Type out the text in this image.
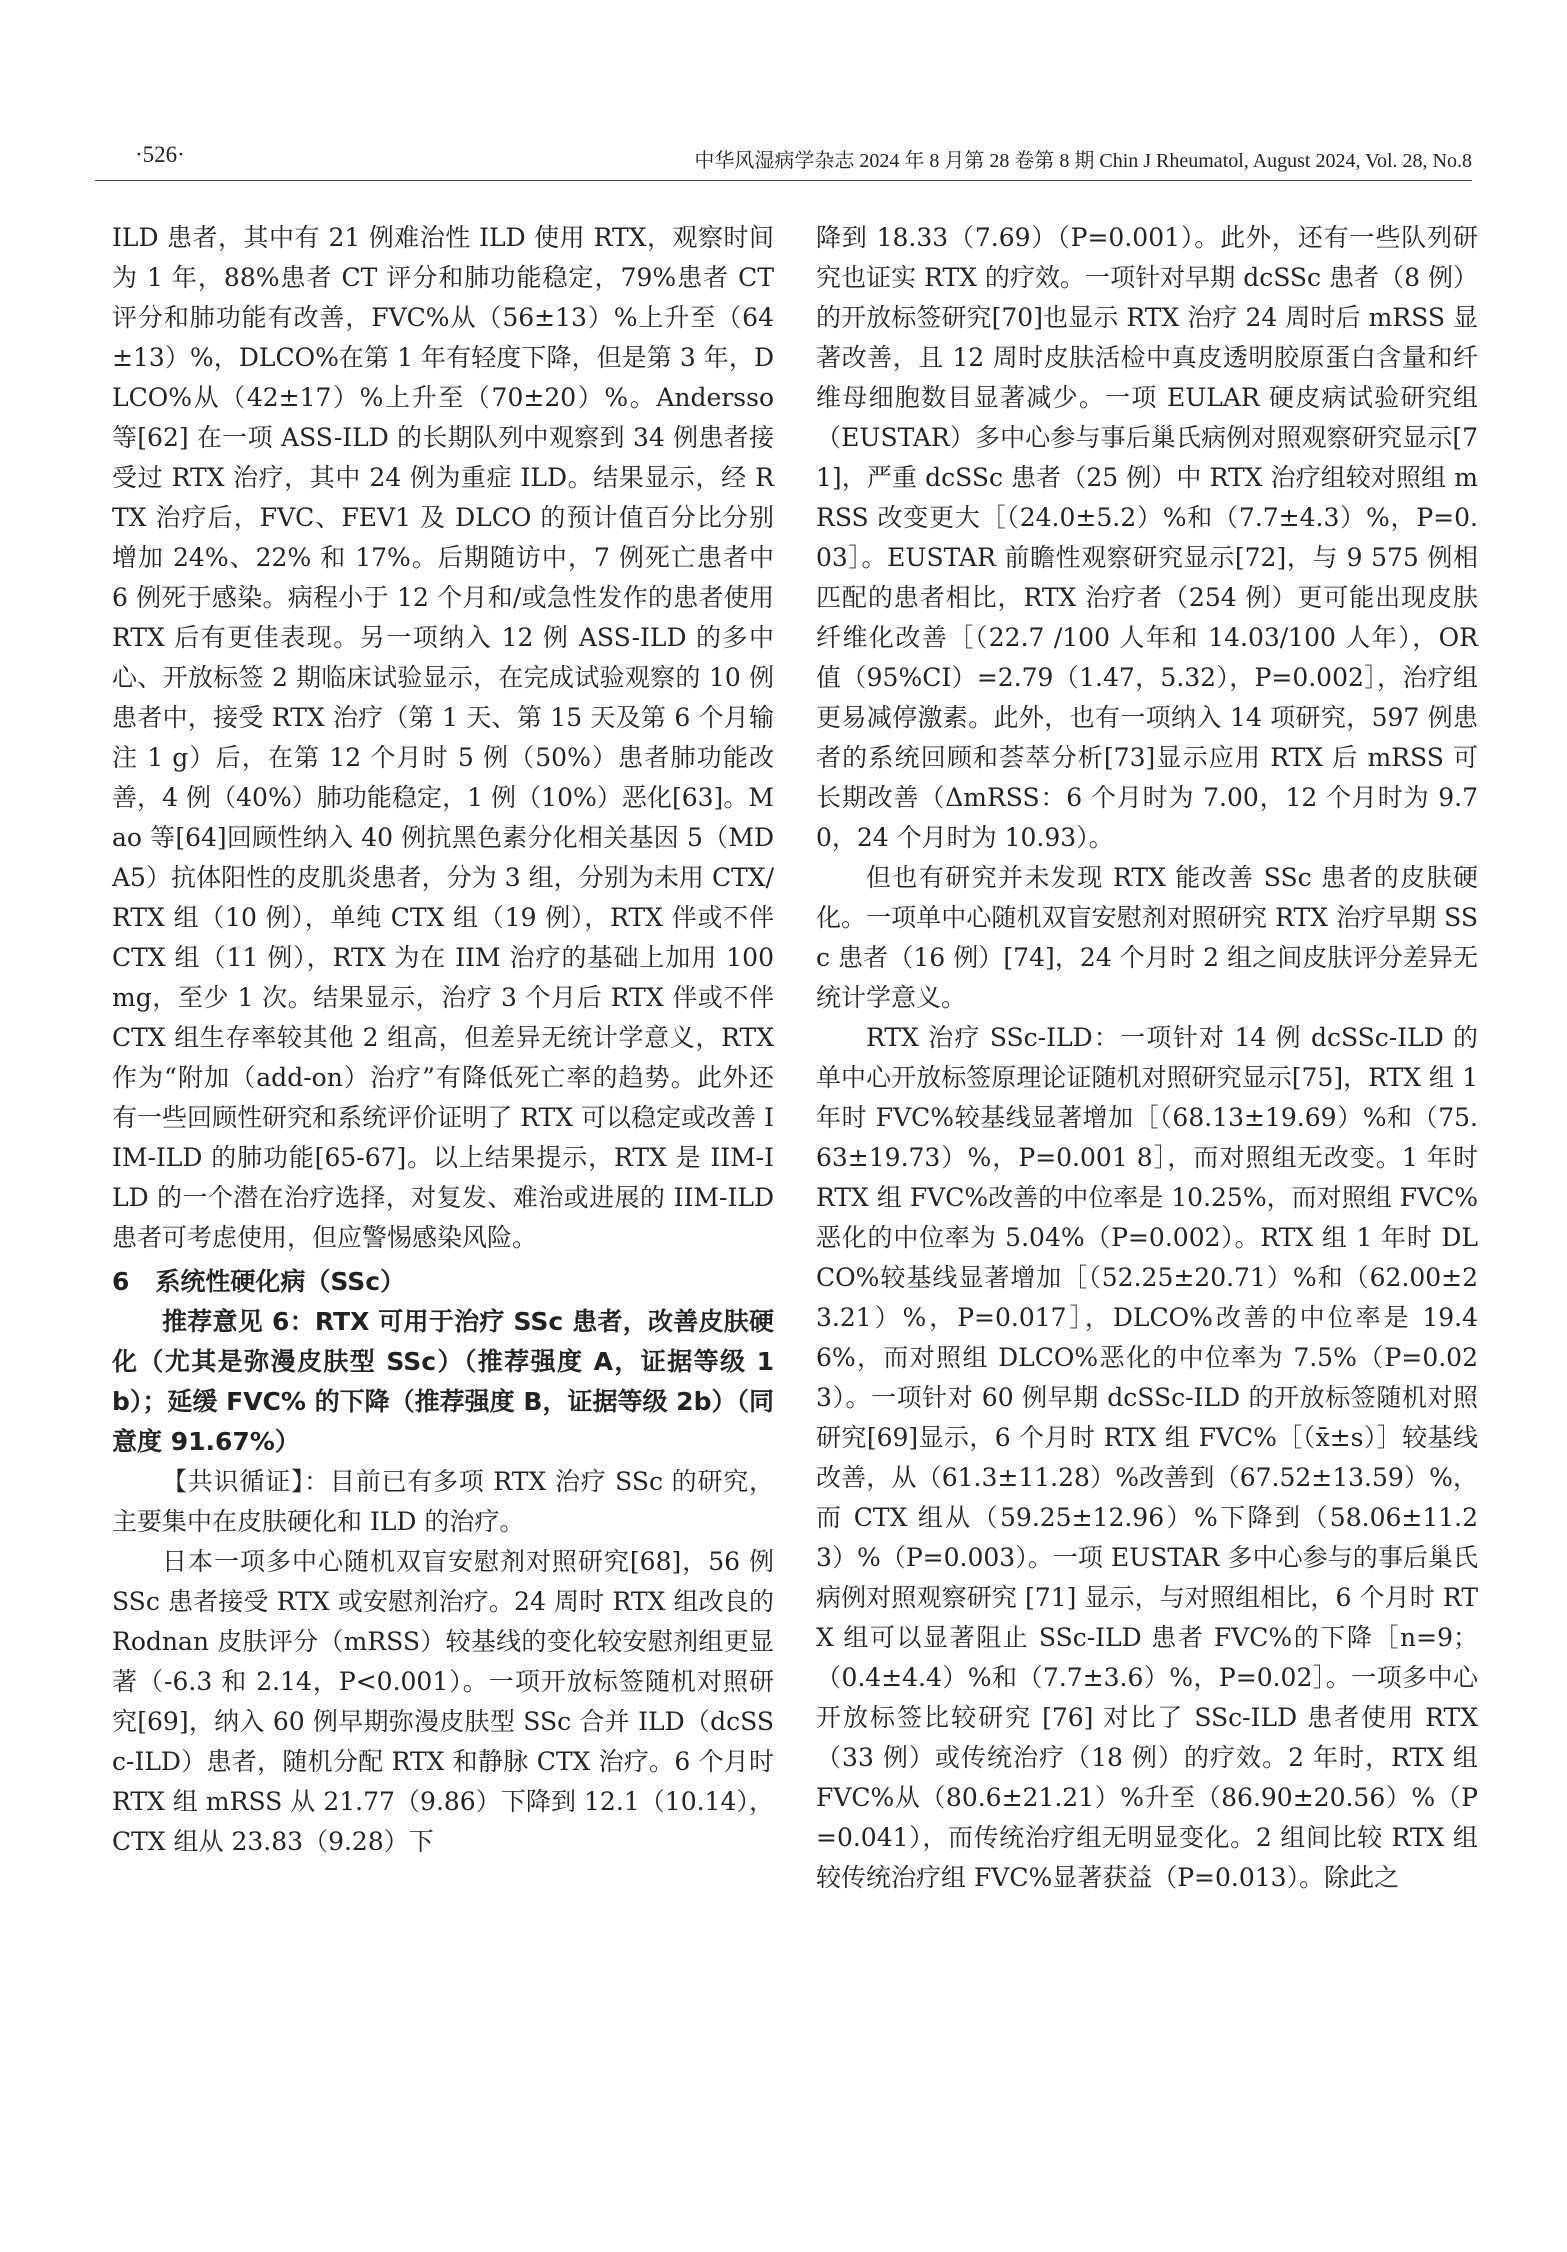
·526·	中华风湿病学杂志 2024 年 8 月第 28 卷第 8 期 Chin J Rheumatol, August 2024, Vol. 28, No.8

ILD 患者，其中有 21 例难治性 ILD 使用 RTX，观察时间为 1 年，88%患者 CT 评分和肺功能稳定，79%患者 CT 评分和肺功能有改善，FVC%从（56±13）%上升至（64±13）%，DLCO%在第 1 年有轻度下降，但是第 3 年，DLCO%从（42±17）%上升至（70±20）%。Andersso 等[62] 在一项 ASS-ILD 的长期队列中观察到 34 例患者接受过 RTX 治疗，其中 24 例为重症 ILD。结果显示，经 RTX 治疗后，FVC、FEV1 及 DLCO 的预计值百分比分别增加 24%、22% 和 17%。后期随访中，7 例死亡患者中 6 例死于感染。病程小于 12 个月和/或急性发作的患者使用 RTX 后有更佳表现。另一项纳入 12 例 ASS-ILD 的多中心、开放标签 2 期临床试验显示，在完成试验观察的 10 例患者中，接受 RTX 治疗（第 1 天、第 15 天及第 6 个月输注 1 g）后，在第 12 个月时 5 例（50%）患者肺功能改善，4 例（40%）肺功能稳定，1 例（10%）恶化[63]。Mao 等[64]回顾性纳入 40 例抗黑色素分化相关基因 5（MDA5）抗体阳性的皮肌炎患者，分为 3 组，分别为未用 CTX/RTX 组（10 例），单纯 CTX 组（19 例），RTX 伴或不伴 CTX 组（11 例），RTX 为在 IIM 治疗的基础上加用 100 mg，至少 1 次。结果显示，治疗 3 个月后 RTX 伴或不伴 CTX 组生存率较其他 2 组高，但差异无统计学意义，RTX 作为“附加（add-on）治疗”有降低死亡率的趋势。此外还有一些回顾性研究和系统评价证明了 RTX 可以稳定或改善 IIM-ILD 的肺功能[65-67]。以上结果提示，RTX 是 IIM-ILD 的一个潜在治疗选择，对复发、难治或进展的 IIM-ILD 患者可考虑使用，但应警惕感染风险。

6 系统性硬化病（SSc）

推荐意见 6：RTX 可用于治疗 SSc 患者，改善皮肤硬化（尤其是弥漫皮肤型 SSc）（推荐强度 A，证据等级 1b）；延缓 FVC% 的下降（推荐强度 B，证据等级 2b）（同意度 91.67%）

【共识循证】：目前已有多项 RTX 治疗 SSc 的研究，主要集中在皮肤硬化和 ILD 的治疗。

日本一项多中心随机双盲安慰剂对照研究[68]，56 例 SSc 患者接受 RTX 或安慰剂治疗。24 周时 RTX 组改良的 Rodnan 皮肤评分（mRSS）较基线的变化较安慰剂组更显著（-6.3 和 2.14，P<0.001）。一项开放标签随机对照研究[69]，纳入 60 例早期弥漫皮肤型 SSc 合并 ILD（dcSSc-ILD）患者，随机分配 RTX 和静脉 CTX 治疗。6 个月时 RTX 组 mRSS 从 21.77（9.86）下降到 12.1（10.14），CTX 组从 23.83（9.28）下

降到 18.33（7.69）（P=0.001）。此外，还有一些队列研究也证实 RTX 的疗效。一项针对早期 dcSSc 患者（8 例）的开放标签研究[70]也显示 RTX 治疗 24 周时后 mRSS 显著改善，且 12 周时皮肤活检中真皮透明胶原蛋白含量和纤维母细胞数目显著减少。一项 EULAR 硬皮病试验研究组（EUSTAR）多中心参与事后巢氏病例对照观察研究显示[71]，严重 dcSSc 患者（25 例）中 RTX 治疗组较对照组 mRSS 改变更大［（24.0±5.2）%和（7.7±4.3）%，P=0.03］。EUSTAR 前瞻性观察研究显示[72]，与 9 575 例相匹配的患者相比，RTX 治疗者（254 例）更可能出现皮肤纤维化改善［（22.7 /100 人年和 14.03/100 人年），OR 值（95%CI）=2.79（1.47，5.32），P=0.002］，治疗组更易减停激素。此外，也有一项纳入 14 项研究，597 例患者的系统回顾和荟萃分析[73]显示应用 RTX 后 mRSS 可长期改善（ΔmRSS：6 个月时为 7.00，12 个月时为 9.70，24 个月时为 10.93）。

但也有研究并未发现 RTX 能改善 SSc 患者的皮肤硬化。一项单中心随机双盲安慰剂对照研究 RTX 治疗早期 SSc 患者（16 例）[74]，24 个月时 2 组之间皮肤评分差异无统计学意义。

RTX 治疗 SSc-ILD：一项针对 14 例 dcSSc-ILD 的单中心开放标签原理论证随机对照研究显示[75]，RTX 组 1 年时 FVC%较基线显著增加［（68.13±19.69）%和（75.63±19.73）%，P=0.001 8］，而对照组无改变。1 年时 RTX 组 FVC%改善的中位率是 10.25%，而对照组 FVC%恶化的中位率为 5.04%（P=0.002）。RTX 组 1 年时 DLCO%较基线显著增加［（52.25±20.71）%和（62.00±23.21）%，P=0.017］，DLCO%改善的中位率是 19.46%，而对照组 DLCO%恶化的中位率为 7.5%（P=0.023）。一项针对 60 例早期 dcSSc-ILD 的开放标签随机对照研究[69]显示，6 个月时 RTX 组 FVC%［（x̄±s）］较基线改善，从（61.3±11.28）%改善到（67.52±13.59）%，而 CTX 组从（59.25±12.96）%下降到（58.06±11.23）%（P=0.003）。一项 EUSTAR 多中心参与的事后巢氏病例对照观察研究 [71] 显示，与对照组相比，6 个月时 RTX 组可以显著阻止 SSc-ILD 患者 FVC%的下降［n=9；（0.4±4.4）%和（7.7±3.6）%，P=0.02］。一项多中心开放标签比较研究 [76] 对比了 SSc-ILD 患者使用 RTX（33 例）或传统治疗（18 例）的疗效。2 年时，RTX 组 FVC%从（80.6±21.21）%升至（86.90±20.56）%（P=0.041），而传统治疗组无明显变化。2 组间比较 RTX 组较传统治疗组 FVC%显著获益（P=0.013）。除此之
